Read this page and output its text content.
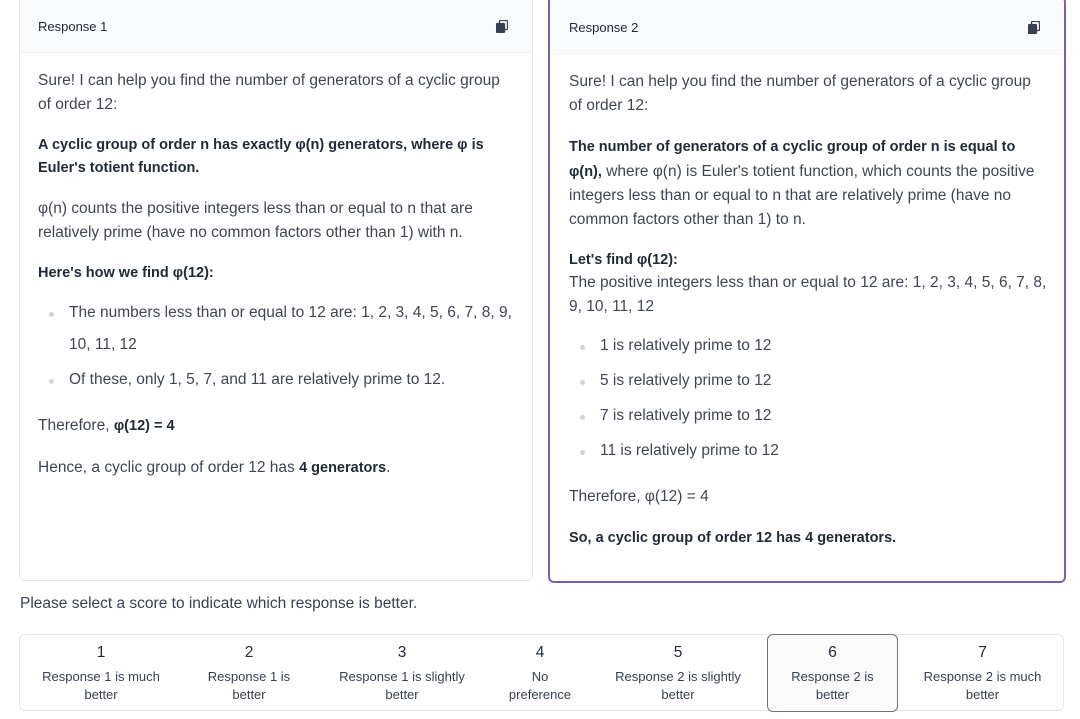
Response 1

Sure! I can help you find the number of generators of a cyclic group of order 12:

A cyclic group of order n has exactly φ(n) generators, where φ is Euler's totient function.

φ(n) counts the positive integers less than or equal to n that are relatively prime (have no common factors other than 1) with n.

Here's how we find φ(12):

The numbers less than or equal to 12 are: 1, 2, 3, 4, 5, 6, 7, 8, 9, 10, 11, 12
Of these, only 1, 5, 7, and 11 are relatively prime to 12.

Therefore, φ(12) = 4

Hence, a cyclic group of order 12 has 4 generators.

Response 2

Sure! I can help you find the number of generators of a cyclic group of order 12:

The number of generators of a cyclic group of order n is equal to φ(n), where φ(n) is Euler's totient function, which counts the positive integers less than or equal to n that are relatively prime (have no common factors other than 1) to n.

Let's find φ(12):
The positive integers less than or equal to 12 are: 1, 2, 3, 4, 5, 6, 7, 8, 9, 10, 11, 12

1 is relatively prime to 12
5 is relatively prime to 12
7 is relatively prime to 12
11 is relatively prime to 12

Therefore, φ(12) = 4

So, a cyclic group of order 12 has 4 generators.

Please select a score to indicate which response is better.
1
Response 1 is much better
2
Response 1 is better
3
Response 1 is slightly better
4
No preference
5
Response 2 is slightly better
6
Response 2 is better
7
Response 2 is much better
